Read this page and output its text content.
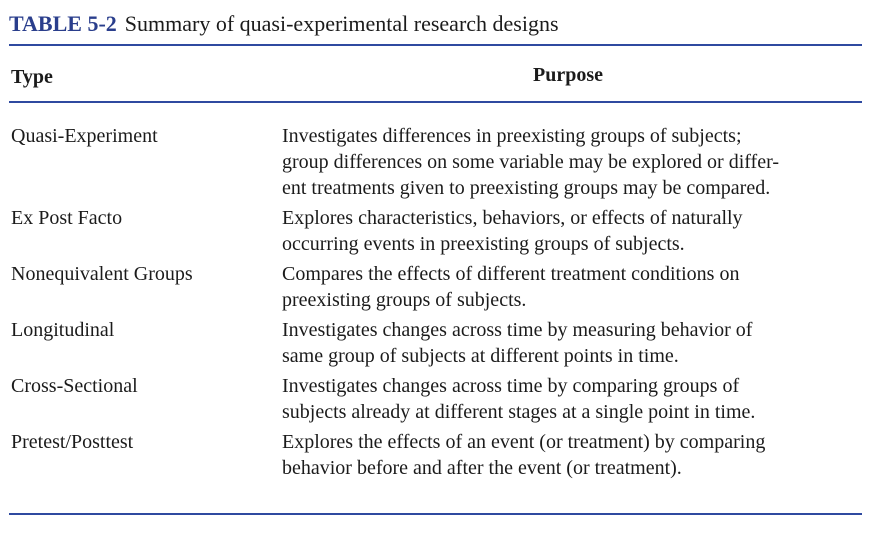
TABLE 5-2 Summary of quasi-experimental research designs
Type	Purpose
Quasi-Experiment	Investigates differences in preexisting groups of subjects;
group differences on some variable may be explored or differ-
ent treatments given to preexisting groups may be compared.
Ex Post Facto	Explores characteristics, behaviors, or effects of naturally
occurring events in preexisting groups of subjects.
Nonequivalent Groups	Compares the effects of different treatment conditions on
preexisting groups of subjects.
Longitudinal	Investigates changes across time by measuring behavior of
same group of subjects at different points in time.
Cross-Sectional	Investigates changes across time by comparing groups of
subjects already at different stages at a single point in time.
Pretest/Posttest	Explores the effects of an event (or treatment) by comparing
behavior before and after the event (or treatment).
